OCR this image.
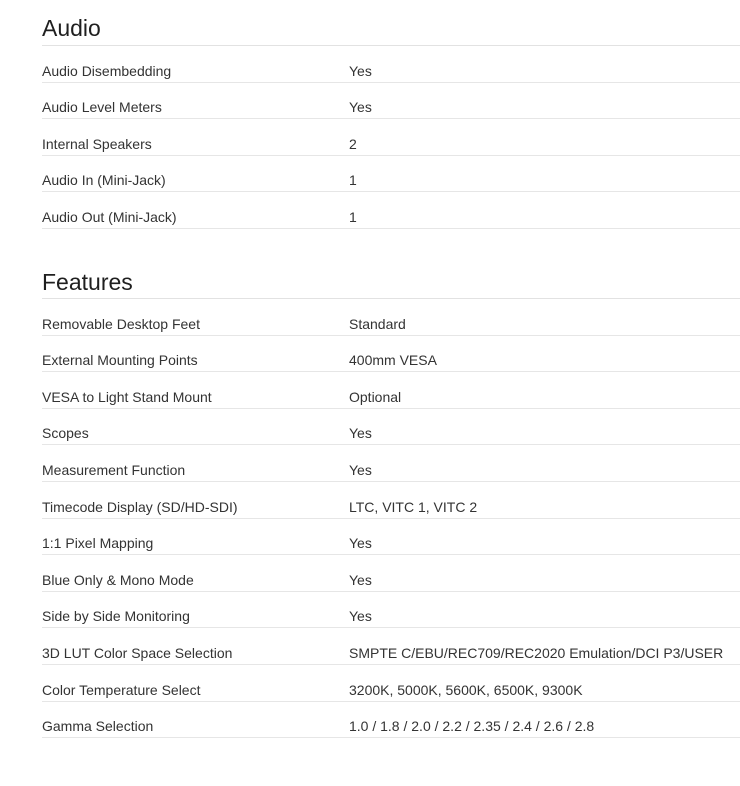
Audio
Audio Disembedding	Yes
Audio Level Meters	Yes
Internal Speakers	2
Audio In (Mini-Jack)	1
Audio Out (Mini-Jack)	1
Features
Removable Desktop Feet	Standard
External Mounting Points	400mm VESA
VESA to Light Stand Mount	Optional
Scopes	Yes
Measurement Function	Yes
Timecode Display (SD/HD-SDI)	LTC, VITC 1, VITC 2
1:1 Pixel Mapping	Yes
Blue Only & Mono Mode	Yes
Side by Side Monitoring	Yes
3D LUT Color Space Selection	SMPTE C/EBU/REC709/REC2020 Emulation/DCI P3/USER
Color Temperature Select	3200K, 5000K, 5600K, 6500K, 9300K
Gamma Selection	1.0 / 1.8 / 2.0 / 2.2 / 2.35 / 2.4 / 2.6 / 2.8
